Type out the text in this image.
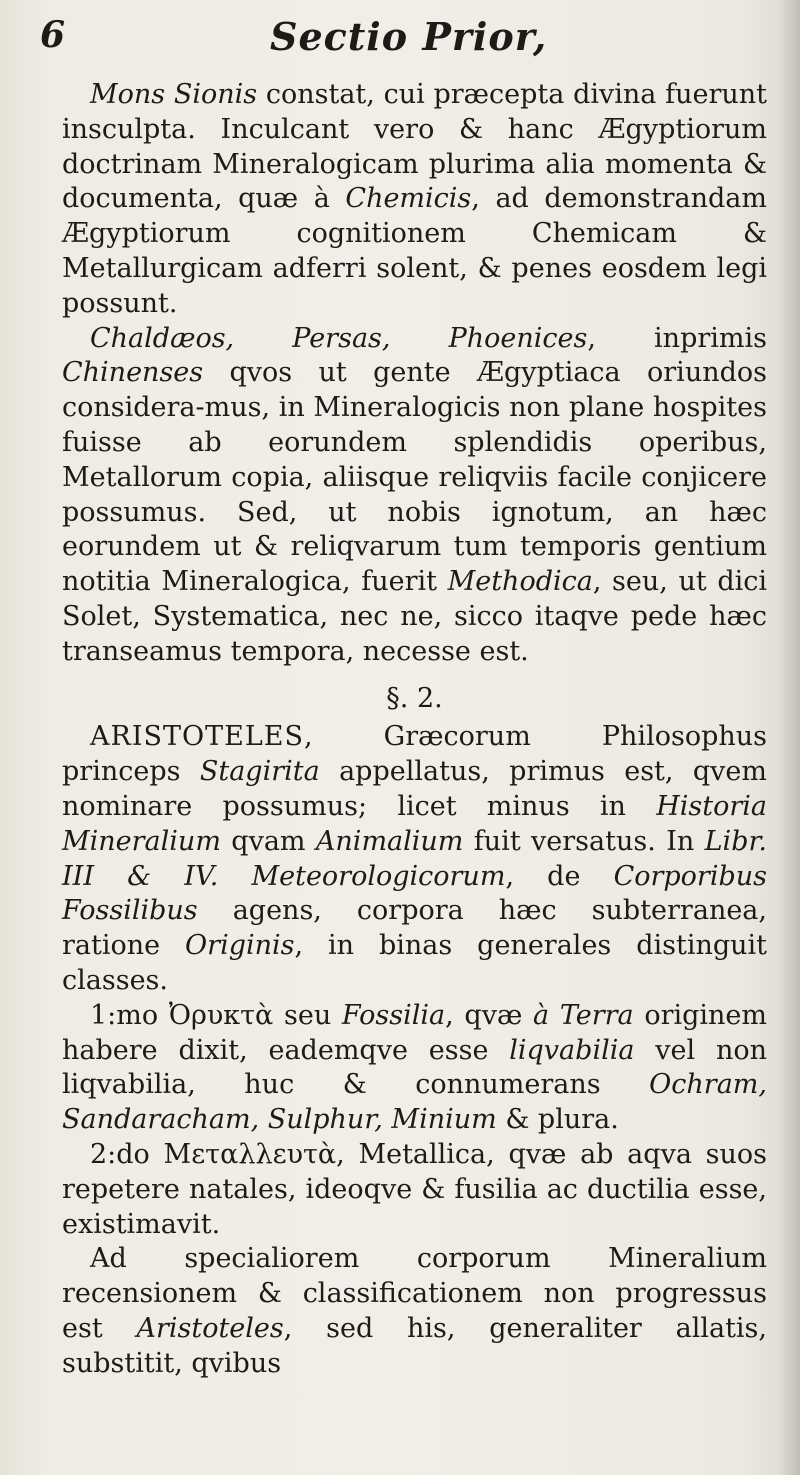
6	Sectio Prior,

Mons Sionis constat, cui præcepta divina fuerunt insculpta. Inculcant vero & hanc Ægyptiorum doctrinam Mineralogicam plurima alia momenta & documenta, quæ à Chemicis, ad demonstrandam Ægyptiorum cognitionem Chemicam & Metallurgicam adferri solent, & penes eosdem legi possunt.

Chaldæos, Persas, Phoenices, inprimis Chinenses qvos ut gente Ægyptiaca oriundos considera-mus, in Mineralogicis non plane hospites fuisse ab eorundem splendidis operibus, Metallorum copia, aliisque reliqviis facile conjicere possumus. Sed, ut nobis ignotum, an hæc eorundem ut & reliqvarum tum temporis gentium notitia Mineralogica, fuerit Methodica, seu, ut dici Solet, Systematica, nec ne, sicco itaqve pede hæc transeamus tempora, necesse est.

§. 2.

ARISTOTELES, Græcorum Philosophus princeps Stagirita appellatus, primus est, qvem nominare possumus; licet minus in Historia Mineralium qvam Animalium fuit versatus. In Libr. III & IV. Meteorologicorum, de Corporibus Fossilibus agens, corpora hæc subterranea, ratione Originis, in binas generales distinguit classes.

1:mo Ὀρυκτὰ seu Fossilia, qvæ à Terra originem habere dixit, eademqve esse liqvabilia vel non liqvabilia, huc & connumerans Ochram, Sandaracham, Sulphur, Minium & plura.

2:do Μεταλλευτὰ, Metallica, qvæ ab aqva suos repetere natales, ideoqve & fusilia ac ductilia esse, existimavit.

Ad specialiorem corporum Mineralium recensionem & classificationem non progressus est Aristoteles, sed his, generaliter allatis, substitit, qvibus
